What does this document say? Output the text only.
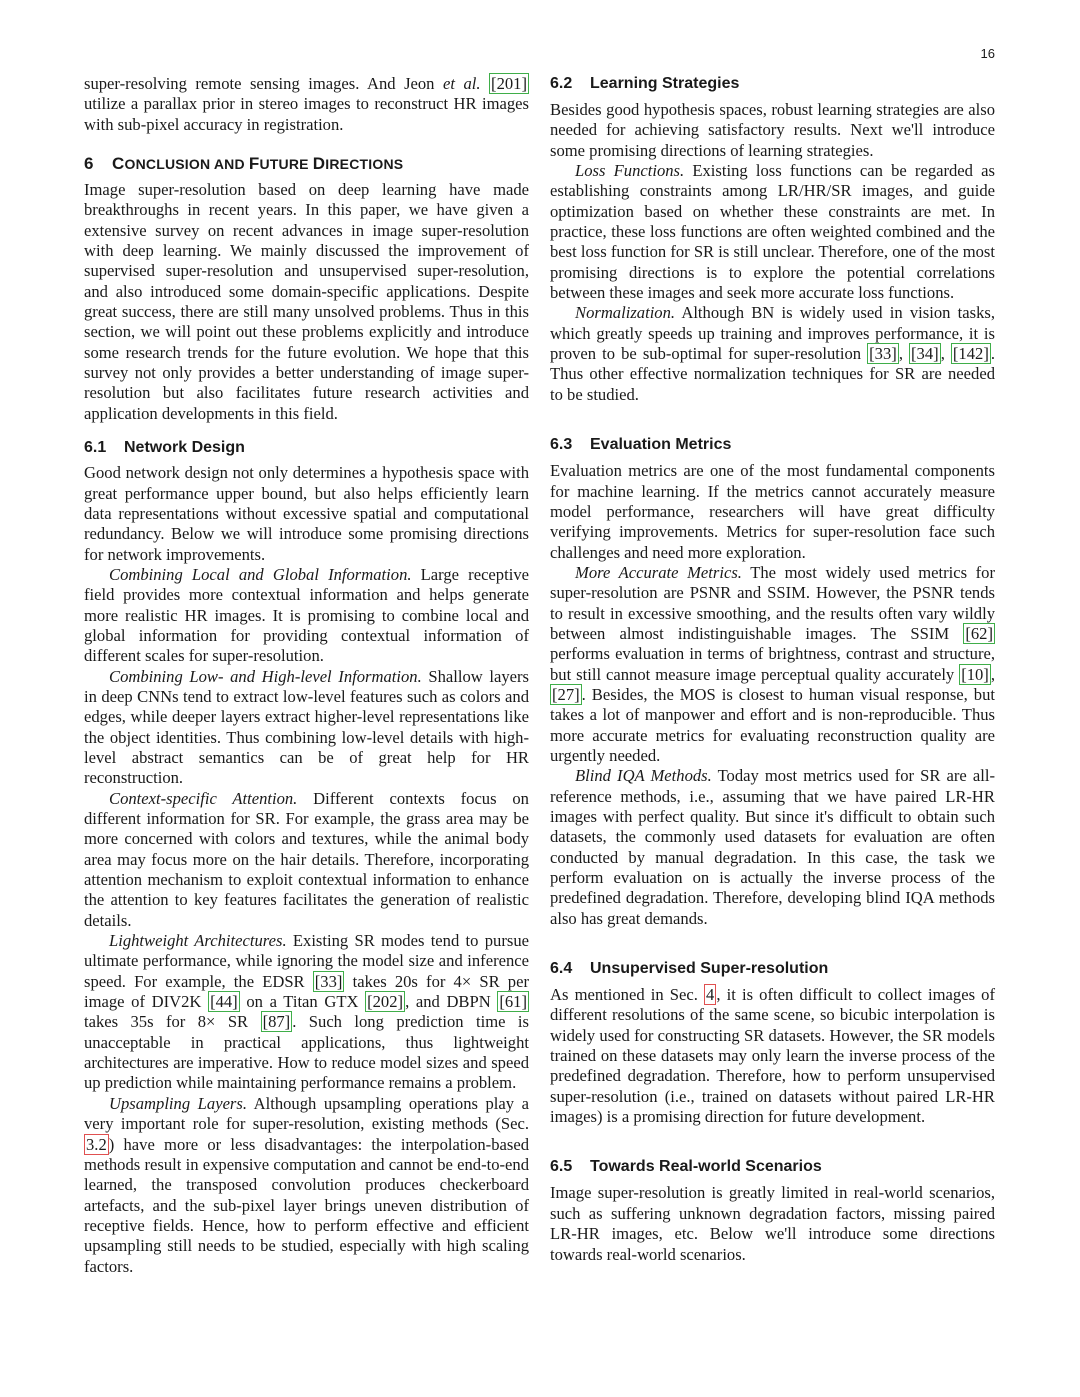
16

super-resolving remote sensing images. And Jeon et al. [201] utilize a parallax prior in stereo images to reconstruct HR images with sub-pixel accuracy in registration.

6 CONCLUSION AND FUTURE DIRECTIONS

Image super-resolution based on deep learning have made breakthroughs in recent years. In this paper, we have given a extensive survey on recent advances in image super-resolution with deep learning. We mainly discussed the improvement of supervised super-resolution and unsupervised super-resolution, and also introduced some domain-specific applications. Despite great success, there are still many unsolved problems. Thus in this section, we will point out these problems explicitly and introduce some research trends for the future evolution. We hope that this survey not only provides a better understanding of image super-resolution but also facilitates future research activities and application developments in this field.

6.1 Network Design

Good network design not only determines a hypothesis space with great performance upper bound, but also helps efficiently learn data representations without excessive spatial and computational redundancy. Below we will introduce some promising directions for network improvements.

Combining Local and Global Information. Large receptive field provides more contextual information and helps generate more realistic HR images. It is promising to combine local and global information for providing contextual information of different scales for super-resolution.

Combining Low- and High-level Information. Shallow layers in deep CNNs tend to extract low-level features such as colors and edges, while deeper layers extract higher-level representations like the object identities. Thus combining low-level details with high-level abstract semantics can be of great help for HR reconstruction.

Context-specific Attention. Different contexts focus on different information for SR. For example, the grass area may be more concerned with colors and textures, while the animal body area may focus more on the hair details. Therefore, incorporating attention mechanism to exploit contextual information to enhance the attention to key features facilitates the generation of realistic details.

Lightweight Architectures. Existing SR modes tend to pursue ultimate performance, while ignoring the model size and inference speed. For example, the EDSR [33] takes 20s for 4× SR per image of DIV2K [44] on a Titan GTX [202] , and DBPN [61] takes 35s for 8× SR [87] . Such long prediction time is unacceptable in practical applications, thus lightweight architectures are imperative. How to reduce model sizes and speed up prediction while maintaining performance remains a problem.

Upsampling Layers. Although upsampling operations play a very important role for super-resolution, existing methods (Sec. 3.2 ) have more or less disadvantages: the interpolation-based methods result in expensive computation and cannot be end-to-end learned, the transposed convolution produces checkerboard artefacts, and the sub-pixel layer brings uneven distribution of receptive fields. Hence, how to perform effective and efficient upsampling still needs to be studied, especially with high scaling factors.

6.2 Learning Strategies

Besides good hypothesis spaces, robust learning strategies are also needed for achieving satisfactory results. Next we'll introduce some promising directions of learning strategies.

Loss Functions. Existing loss functions can be regarded as establishing constraints among LR/HR/SR images, and guide optimization based on whether these constraints are met. In practice, these loss functions are often weighted combined and the best loss function for SR is still unclear. Therefore, one of the most promising directions is to explore the potential correlations between these images and seek more accurate loss functions.

Normalization. Although BN is widely used in vision tasks, which greatly speeds up training and improves performance, it is proven to be sub-optimal for super-resolution [33] , [34] , [142] . Thus other effective normalization techniques for SR are needed to be studied.

6.3 Evaluation Metrics

Evaluation metrics are one of the most fundamental components for machine learning. If the metrics cannot accurately measure model performance, researchers will have great difficulty verifying improvements. Metrics for super-resolution face such challenges and need more exploration.

More Accurate Metrics. The most widely used metrics for super-resolution are PSNR and SSIM. However, the PSNR tends to result in excessive smoothing, and the results often vary wildly between almost indistinguishable images. The SSIM [62] performs evaluation in terms of brightness, contrast and structure, but still cannot measure image perceptual quality accurately [10] , [27] . Besides, the MOS is closest to human visual response, but takes a lot of manpower and effort and is non-reproducible. Thus more accurate metrics for evaluating reconstruction quality are urgently needed.

Blind IQA Methods. Today most metrics used for SR are all-reference methods, i.e., assuming that we have paired LR-HR images with perfect quality. But since it's difficult to obtain such datasets, the commonly used datasets for evaluation are often conducted by manual degradation. In this case, the task we perform evaluation on is actually the inverse process of the predefined degradation. Therefore, developing blind IQA methods also has great demands.

6.4 Unsupervised Super-resolution

As mentioned in Sec. 4 , it is often difficult to collect images of different resolutions of the same scene, so bicubic interpolation is widely used for constructing SR datasets. However, the SR models trained on these datasets may only learn the inverse process of the predefined degradation. Therefore, how to perform unsupervised super-resolution (i.e., trained on datasets without paired LR-HR images) is a promising direction for future development.

6.5 Towards Real-world Scenarios

Image super-resolution is greatly limited in real-world scenarios, such as suffering unknown degradation factors, missing paired LR-HR images, etc. Below we'll introduce some directions towards real-world scenarios.
